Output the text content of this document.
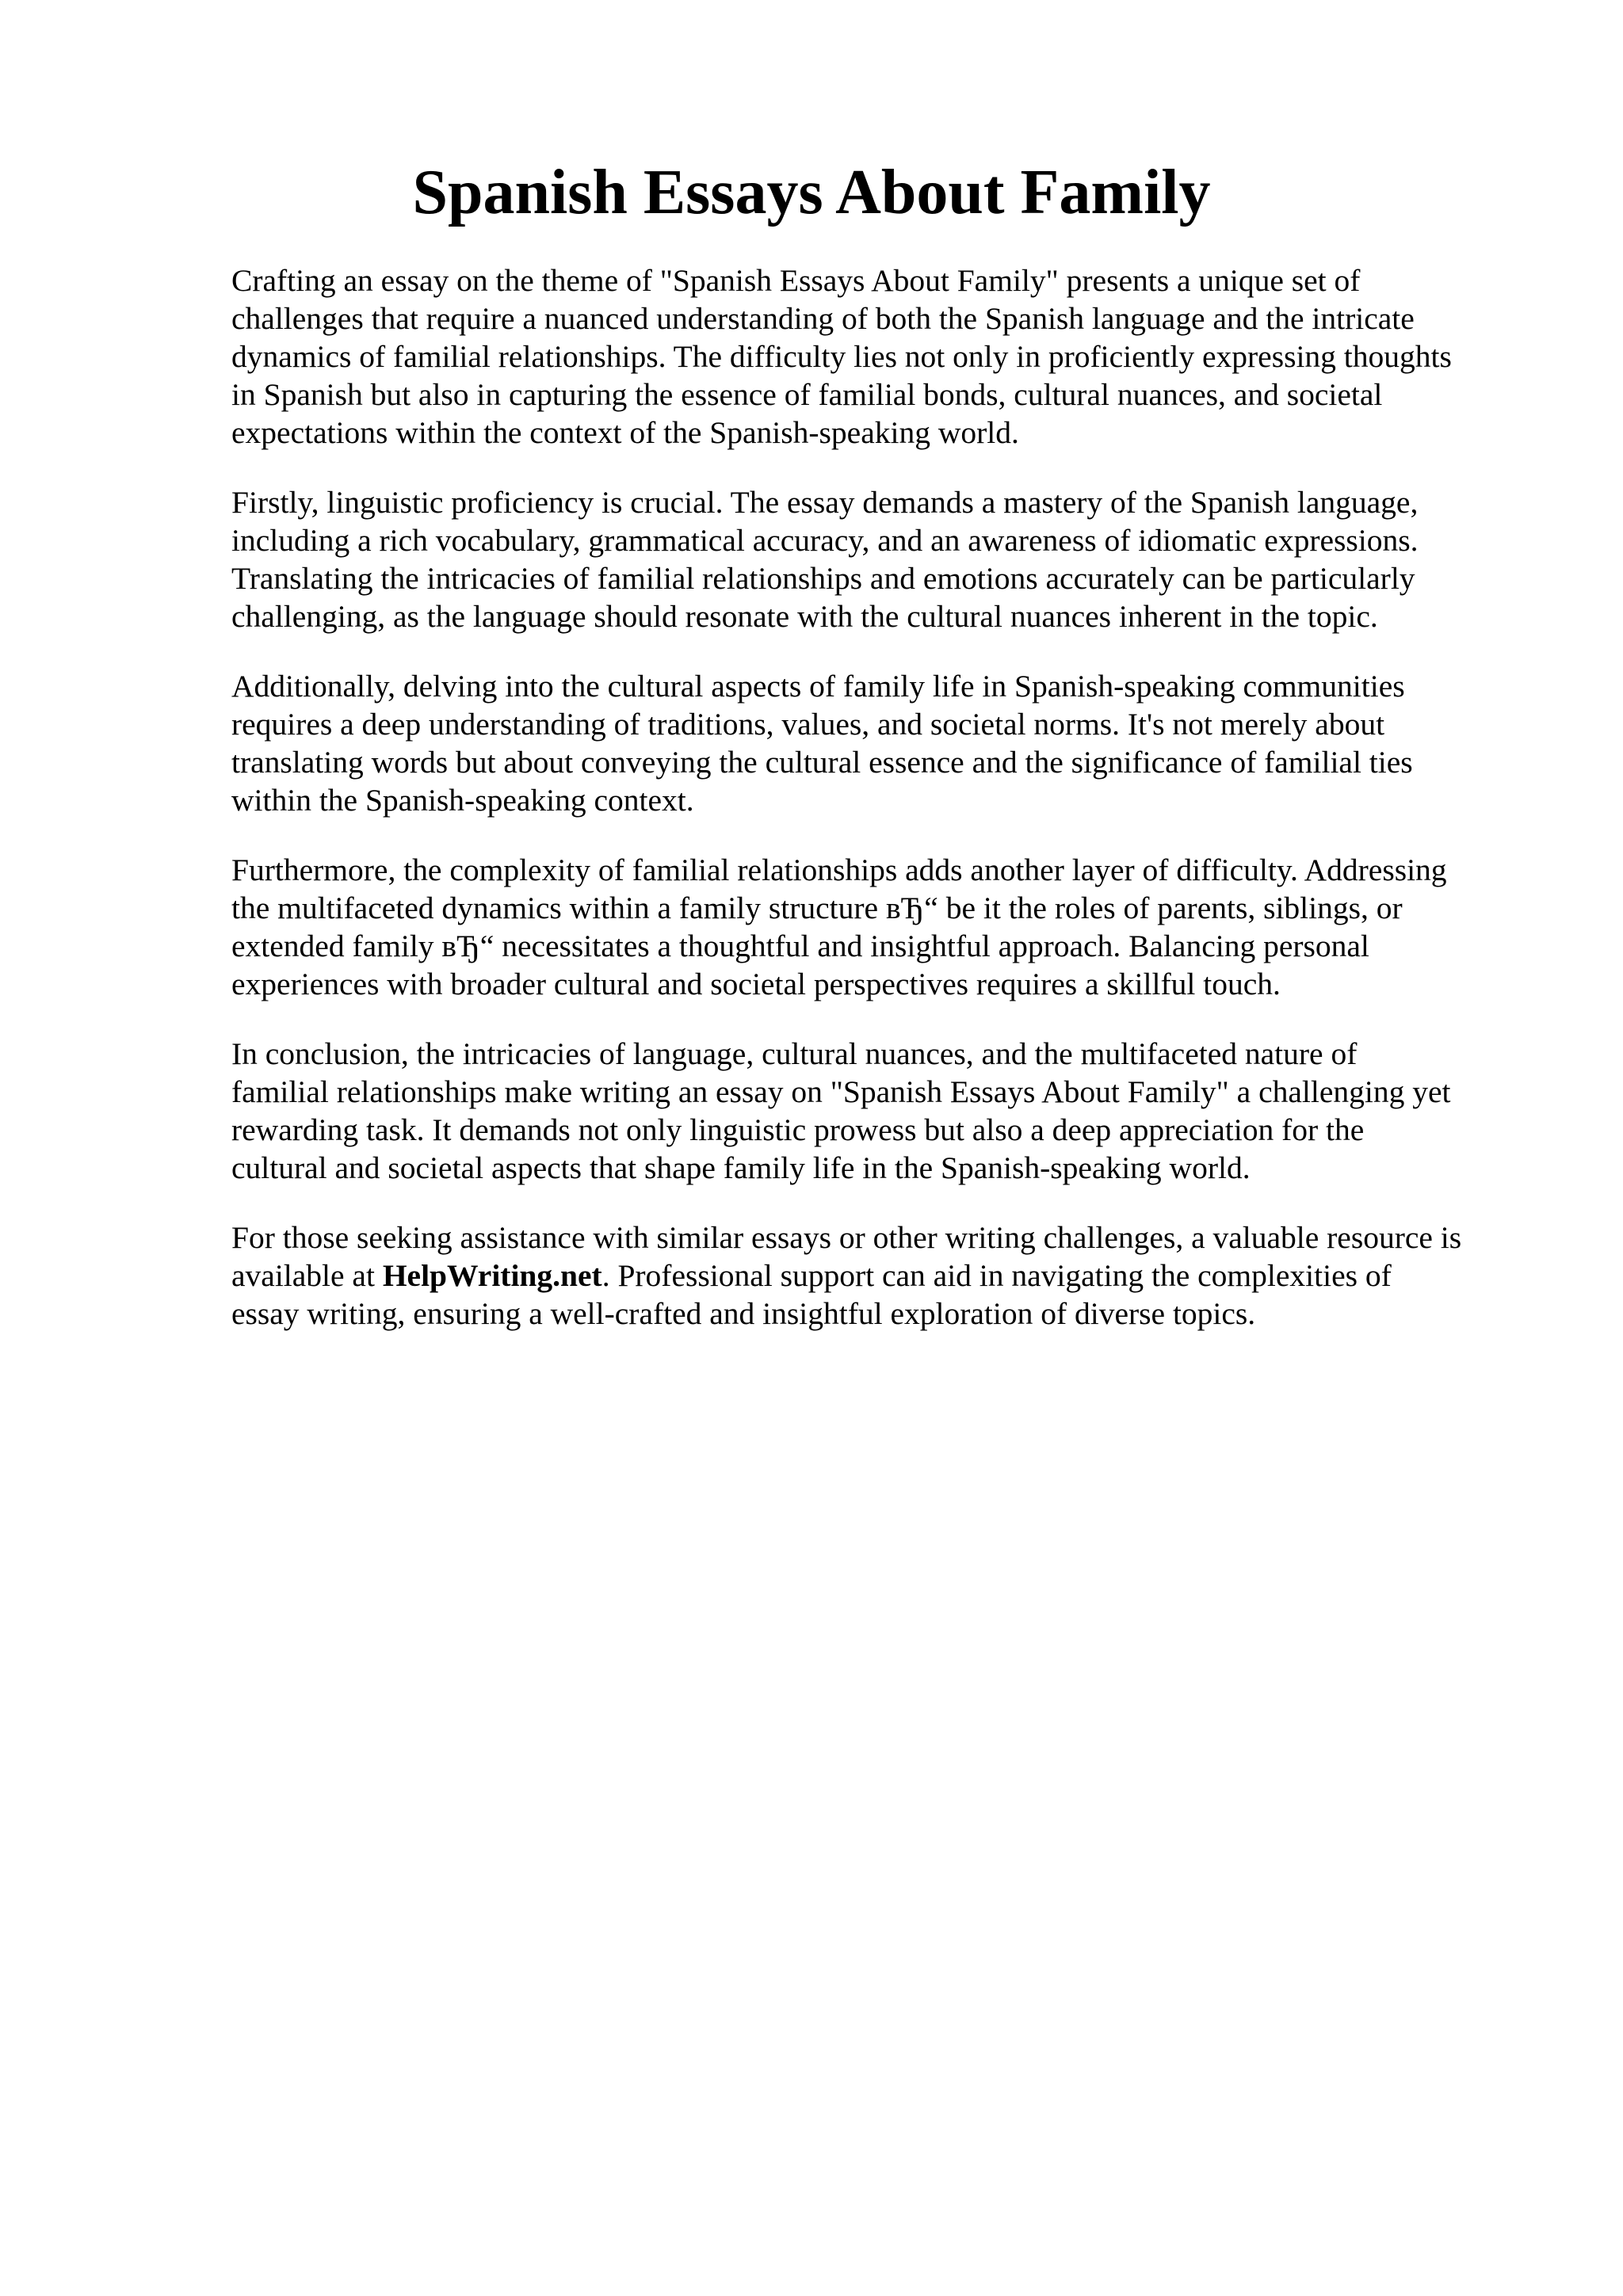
Spanish Essays About Family

Crafting an essay on the theme of "Spanish Essays About Family" presents a unique set of
challenges that require a nuanced understanding of both the Spanish language and the intricate
dynamics of familial relationships. The difficulty lies not only in proficiently expressing thoughts
in Spanish but also in capturing the essence of familial bonds, cultural nuances, and societal
expectations within the context of the Spanish-speaking world.

Firstly, linguistic proficiency is crucial. The essay demands a mastery of the Spanish language,
including a rich vocabulary, grammatical accuracy, and an awareness of idiomatic expressions.
Translating the intricacies of familial relationships and emotions accurately can be particularly
challenging, as the language should resonate with the cultural nuances inherent in the topic.

Additionally, delving into the cultural aspects of family life in Spanish-speaking communities
requires a deep understanding of traditions, values, and societal norms. It's not merely about
translating words but about conveying the cultural essence and the significance of familial ties
within the Spanish-speaking context.

Furthermore, the complexity of familial relationships adds another layer of difficulty. Addressing
the multifaceted dynamics within a family structure вЂ“ be it the roles of parents, siblings, or
extended family вЂ“ necessitates a thoughtful and insightful approach. Balancing personal
experiences with broader cultural and societal perspectives requires a skillful touch.

In conclusion, the intricacies of language, cultural nuances, and the multifaceted nature of
familial relationships make writing an essay on "Spanish Essays About Family" a challenging yet
rewarding task. It demands not only linguistic prowess but also a deep appreciation for the
cultural and societal aspects that shape family life in the Spanish-speaking world.

For those seeking assistance with similar essays or other writing challenges, a valuable resource is
available at HelpWriting.net. Professional support can aid in navigating the complexities of
essay writing, ensuring a well-crafted and insightful exploration of diverse topics.
